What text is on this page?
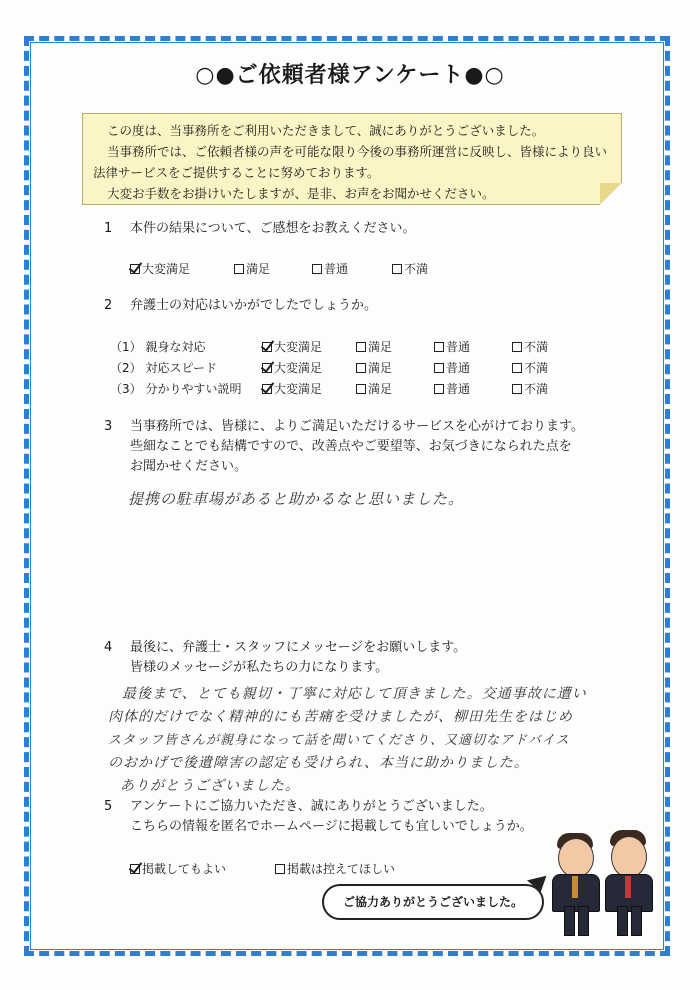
○●ご依頼者様アンケート●○
この度は、当事務所をご利用いただきまして、誠にありがとうございました。
当事務所では、ご依頼者様の声を可能な限り今後の事務所運営に反映し、皆様により良い
法律サービスをご提供することに努めております。
大変お手数をお掛けいたしますが、是非、お声をお聞かせください。
1 本件の結果について、ご感想をお教えください。
大変満足	満足	普通	不満
2 弁護士の対応はいかがでしたでしょうか。
（1） 親身な対応	大変満足	満足	普通	不満
（2） 対応スピード	大変満足	満足	普通	不満
（3） 分かりやすい説明	大変満足	満足	普通	不満
3 当事務所では、皆様に、よりご満足いただけるサービスを心がけております。
些細なことでも結構ですので、改善点やご要望等、お気づきになられた点を
お聞かせください。
提携の駐車場があると助かるなと思いました。
4 最後に、弁護士・スタッフにメッセージをお願いします。
皆様のメッセージが私たちの力になります。
最後まで、とても親切・丁寧に対応して頂きました。交通事故に遭い
肉体的だけでなく精神的にも苦痛を受けましたが、柳田先生をはじめ
スタッフ皆さんが親身になって話を聞いてくださり、又適切なアドバイス
のおかげで後遺障害の認定も受けられ、本当に助かりました。
ありがとうございました。
5 アンケートにご協力いただき、誠にありがとうございました。
こちらの情報を匿名でホームページに掲載しても宜しいでしょうか。
掲載してもよい	掲載は控えてほしい
ご協力ありがとうございました。
